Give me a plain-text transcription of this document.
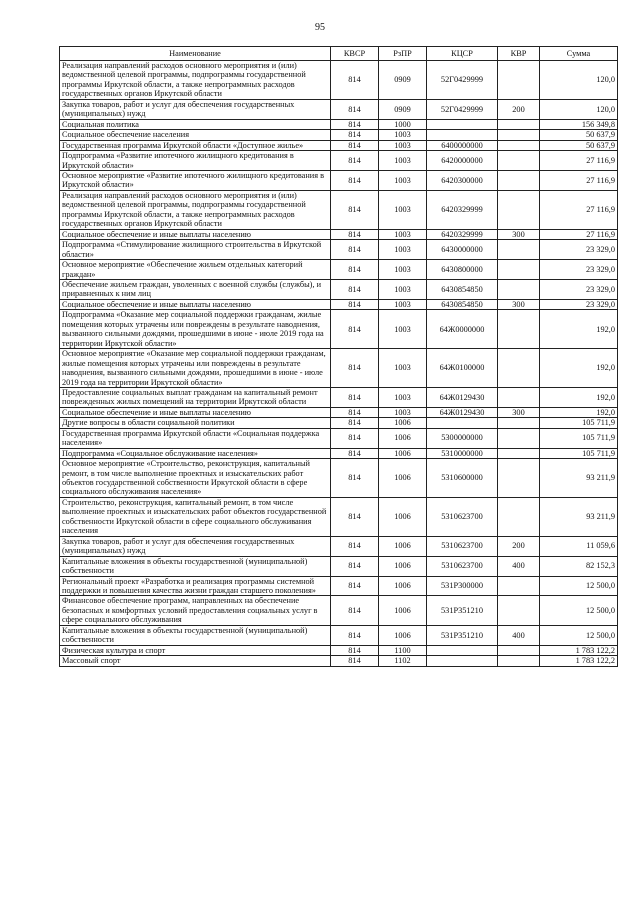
95
Наименование	КВСР	РзПР	КЦСР	КВР	Сумма
Реализация направлений расходов основного мероприятия и (или) ведомственной целевой программы, подпрограммы государственной программы Иркутской области, а также непрограммных расходов государственных органов Иркутской области	814	0909	52Г0429999		120,0
Закупка товаров, работ и услуг для обеспечения государственных (муниципальных) нужд	814	0909	52Г0429999	200	120,0
Социальная политика	814	1000			156 349,8
Социальное обеспечение населения	814	1003			50 637,9
Государственная программа Иркутской области «Доступное жилье»	814	1003	6400000000		50 637,9
Подпрограмма «Развитие ипотечного жилищного кредитования в Иркутской области»	814	1003	6420000000		27 116,9
Основное мероприятие «Развитие ипотечного жилищного кредитования в Иркутской области»	814	1003	6420300000		27 116,9
Реализация направлений расходов основного мероприятия и (или) ведомственной целевой программы, подпрограммы государственной программы Иркутской области, а также непрограммных расходов государственных органов Иркутской области	814	1003	6420329999		27 116,9
Социальное обеспечение и иные выплаты населению	814	1003	6420329999	300	27 116,9
Подпрограмма «Стимулирование жилищного строительства в Иркутской области»	814	1003	6430000000		23 329,0
Основное мероприятие «Обеспечение жильем отдельных категорий граждан»	814	1003	6430800000		23 329,0
Обеспечение жильем граждан, уволенных с военной службы (службы), и приравненных к ним лиц	814	1003	6430854850		23 329,0
Социальное обеспечение и иные выплаты населению	814	1003	6430854850	300	23 329,0
Подпрограмма «Оказание мер социальной поддержки гражданам, жилые помещения которых утрачены или повреждены в результате наводнения, вызванного сильными дождями, прошедшими в июне - июле 2019 года на территории Иркутской области»	814	1003	64Ж0000000		192,0
Основное мероприятие «Оказание мер социальной поддержки гражданам, жилые помещения которых утрачены или повреждены в результате наводнения, вызванного сильными дождями, прошедшими в июне - июле 2019 года на территории Иркутской области»	814	1003	64Ж0100000		192,0
Предоставление социальных выплат гражданам на капитальный ремонт поврежденных жилых помещений на территории Иркутской области	814	1003	64Ж0129430		192,0
Социальное обеспечение и иные выплаты населению	814	1003	64Ж0129430	300	192,0
Другие вопросы в области социальной политики	814	1006			105 711,9
Государственная программа Иркутской области «Социальная поддержка населения»	814	1006	5300000000		105 711,9
Подпрограмма «Социальное обслуживание населения»	814	1006	5310000000		105 711,9
Основное мероприятие «Строительство, реконструкция, капитальный ремонт, в том числе выполнение проектных и изыскательских работ объектов государственной собственности Иркутской области в сфере социального обслуживания населения»	814	1006	5310600000		93 211,9
Строительство, реконструкция, капитальный ремонт, в том числе выполнение проектных и изыскательских работ объектов государственной собственности Иркутской области в сфере социального обслуживания населения	814	1006	5310623700		93 211,9
Закупка товаров, работ и услуг для обеспечения государственных (муниципальных) нужд	814	1006	5310623700	200	11 059,6
Капитальные вложения в объекты государственной (муниципальной) собственности	814	1006	5310623700	400	82 152,3
Региональный проект «Разработка и реализация программы системной поддержки и повышения качества жизни граждан старшего поколения»	814	1006	531P300000		12 500,0
Финансовое обеспечение программ, направленных на обеспечение безопасных и комфортных условий предоставления социальных услуг в сфере социального обслуживания	814	1006	531P351210		12 500,0
Капитальные вложения в объекты государственной (муниципальной) собственности	814	1006	531P351210	400	12 500,0
Физическая культура и спорт	814	1100			1 783 122,2
Массовый спорт	814	1102			1 783 122,2
